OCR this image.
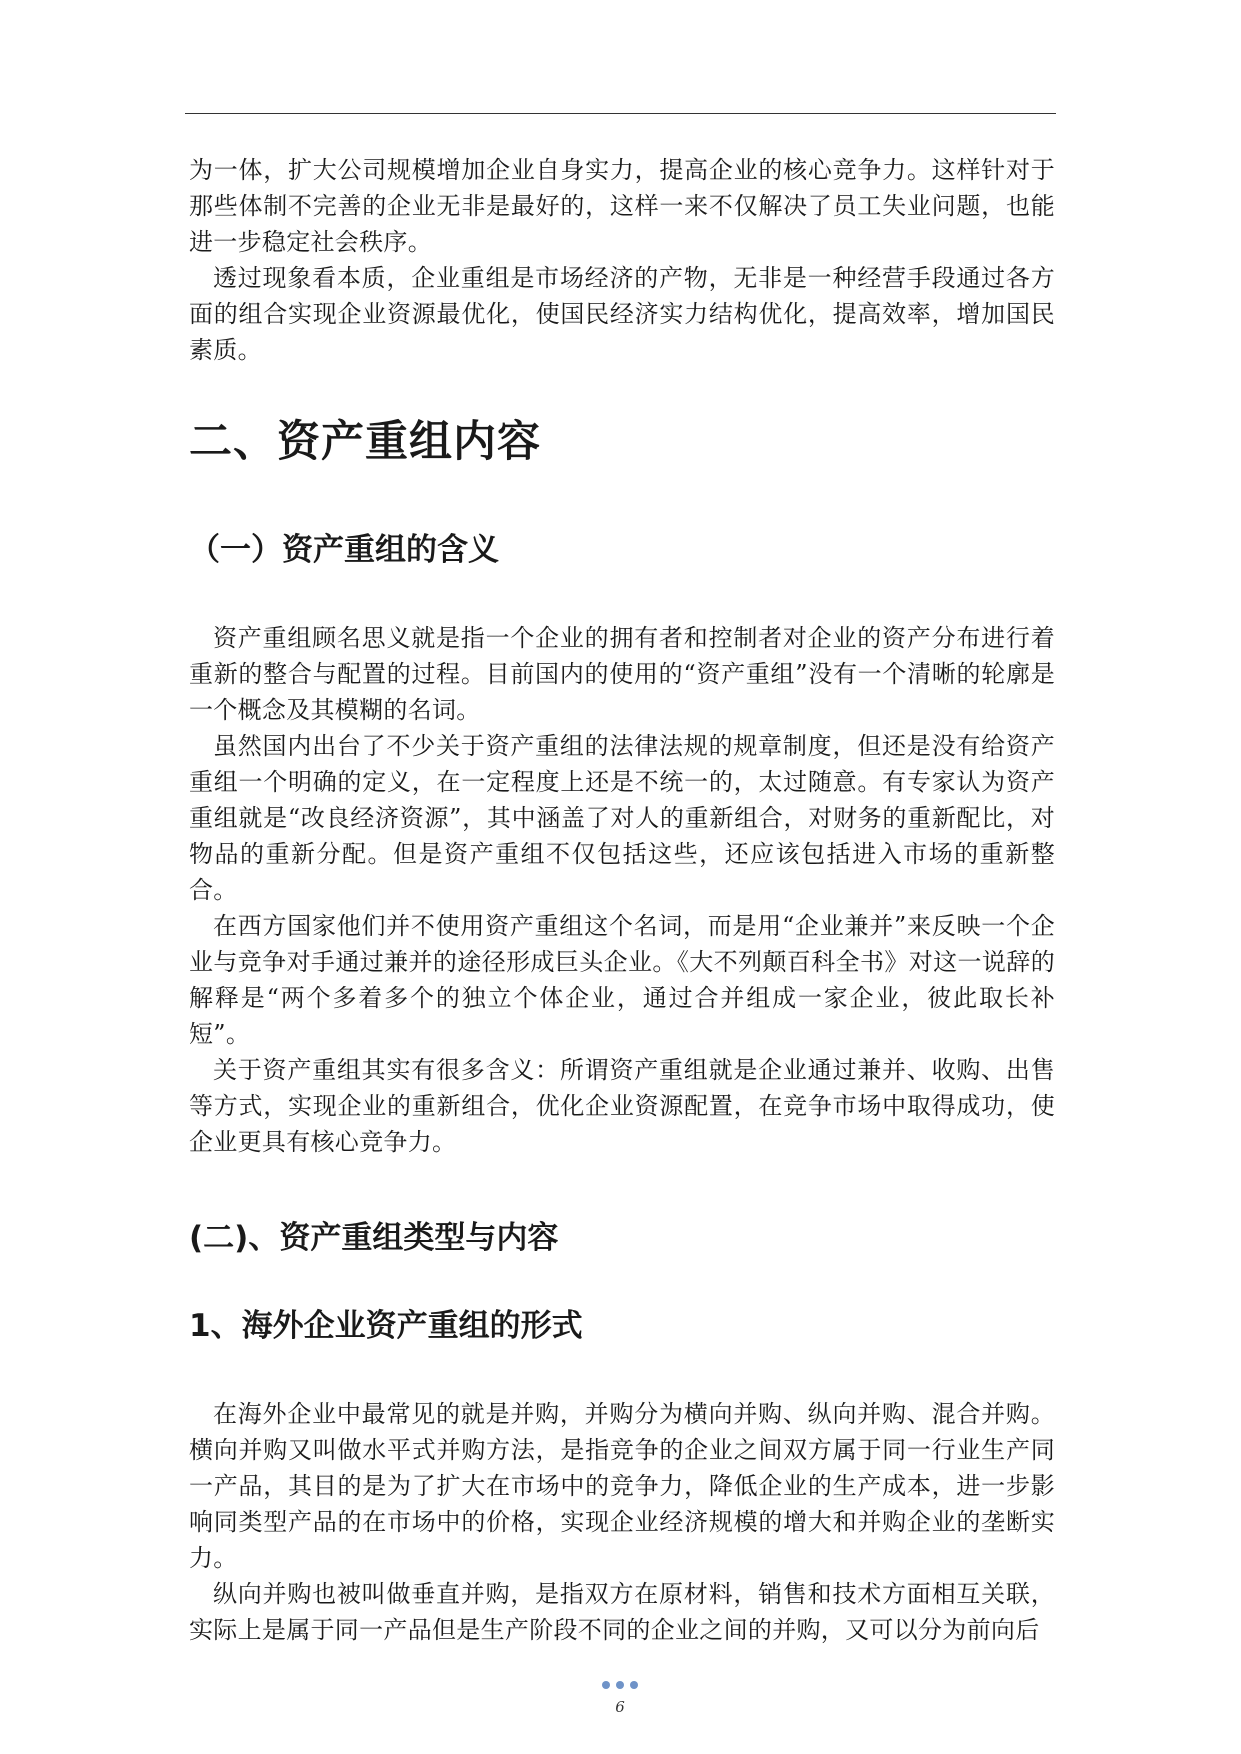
为一体，扩大公司规模增加企业自身实力，提高企业的核心竞争力。这样针对于那些体制不完善的企业无非是最好的，这样一来不仅解决了员工失业问题，也能进一步稳定社会秩序。

透过现象看本质，企业重组是市场经济的产物，无非是一种经营手段通过各方面的组合实现企业资源最优化，使国民经济实力结构优化，提高效率，增加国民素质。

二、资产重组内容
（一）资产重组的含义

资产重组顾名思义就是指一个企业的拥有者和控制者对企业的资产分布进行着重新的整合与配置的过程。目前国内的使用的“资产重组”没有一个清晰的轮廓是一个概念及其模糊的名词。

虽然国内出台了不少关于资产重组的法律法规的规章制度，但还是没有给资产重组一个明确的定义，在一定程度上还是不统一的，太过随意。有专家认为资产重组就是“改良经济资源”，其中涵盖了对人的重新组合，对财务的重新配比，对物品的重新分配。但是资产重组不仅包括这些，还应该包括进入市场的重新整合。

在西方国家他们并不使用资产重组这个名词，而是用“企业兼并”来反映一个企业与竞争对手通过兼并的途径形成巨头企业。《大不列颠百科全书》对这一说辞的解释是“两个多着多个的独立个体企业，通过合并组成一家企业，彼此取长补短”。

关于资产重组其实有很多含义：所谓资产重组就是企业通过兼并、收购、出售等方式，实现企业的重新组合，优化企业资源配置，在竞争市场中取得成功，使企业更具有核心竞争力。

(二)、资产重组类型与内容
1、海外企业资产重组的形式

在海外企业中最常见的就是并购，并购分为横向并购、纵向并购、混合并购。横向并购又叫做水平式并购方法，是指竞争的企业之间双方属于同一行业生产同一产品，其目的是为了扩大在市场中的竞争力，降低企业的生产成本，进一步影响同类型产品的在市场中的价格，实现企业经济规模的增大和并购企业的垄断实力。

纵向并购也被叫做垂直并购，是指双方在原材料，销售和技术方面相互关联，实际上是属于同一产品但是生产阶段不同的企业之间的并购，又可以分为前向后

6
